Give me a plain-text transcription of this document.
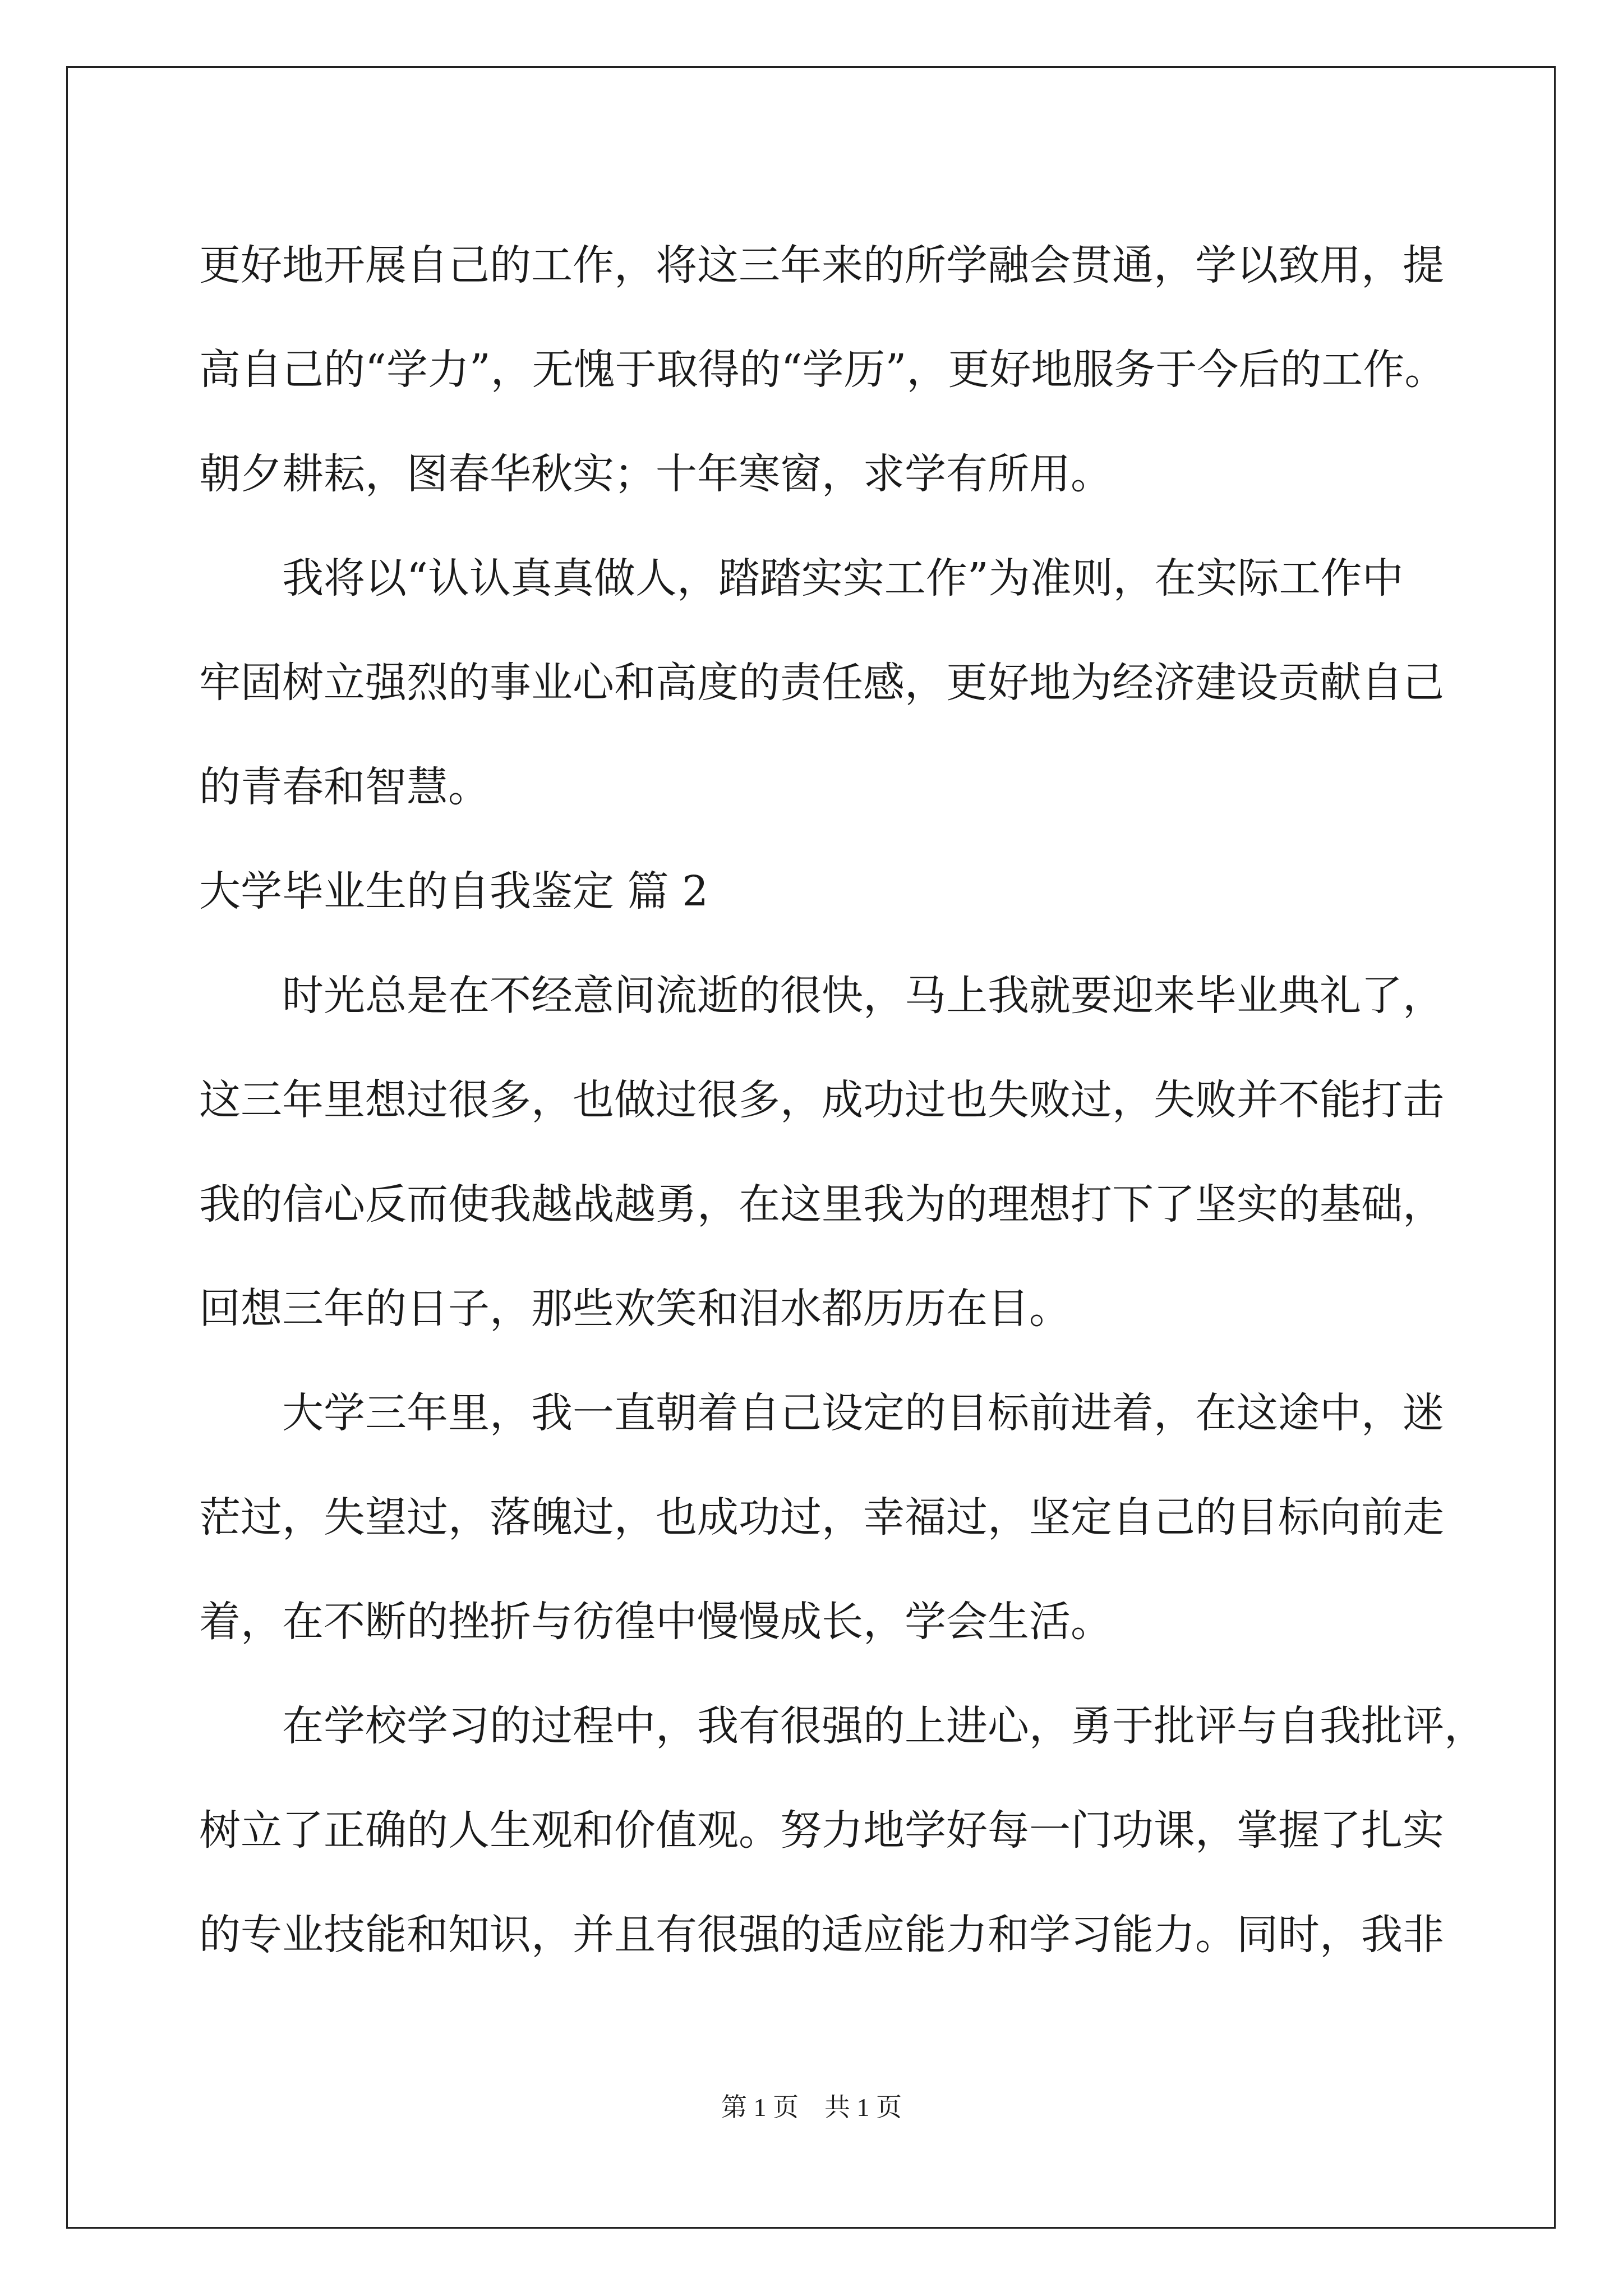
更好地开展自己的工作，将这三年来的所学融会贯通，学以致用，提
高自己的“学力”，无愧于取得的“学历”，更好地服务于今后的工作。
朝夕耕耘，图春华秋实；十年寒窗，求学有所用。
　　我将以“认认真真做人，踏踏实实工作”为准则，在实际工作中
牢固树立强烈的事业心和高度的责任感，更好地为经济建设贡献自己
的青春和智慧。
大学毕业生的自我鉴定 篇 2
　　时光总是在不经意间流逝的很快，马上我就要迎来毕业典礼了，
这三年里想过很多，也做过很多，成功过也失败过，失败并不能打击
我的信心反而使我越战越勇，在这里我为的理想打下了坚实的基础，
回想三年的日子，那些欢笑和泪水都历历在目。
　　大学三年里，我一直朝着自己设定的目标前进着，在这途中，迷
茫过，失望过，落魄过，也成功过，幸福过，坚定自己的目标向前走
着，在不断的挫折与彷徨中慢慢成长，学会生活。
　　在学校学习的过程中，我有很强的上进心，勇于批评与自我批评，
树立了正确的人生观和价值观。努力地学好每一门功课，掌握了扎实
的专业技能和知识，并且有很强的适应能力和学习能力。同时，我非
第 1 页　共 1 页
